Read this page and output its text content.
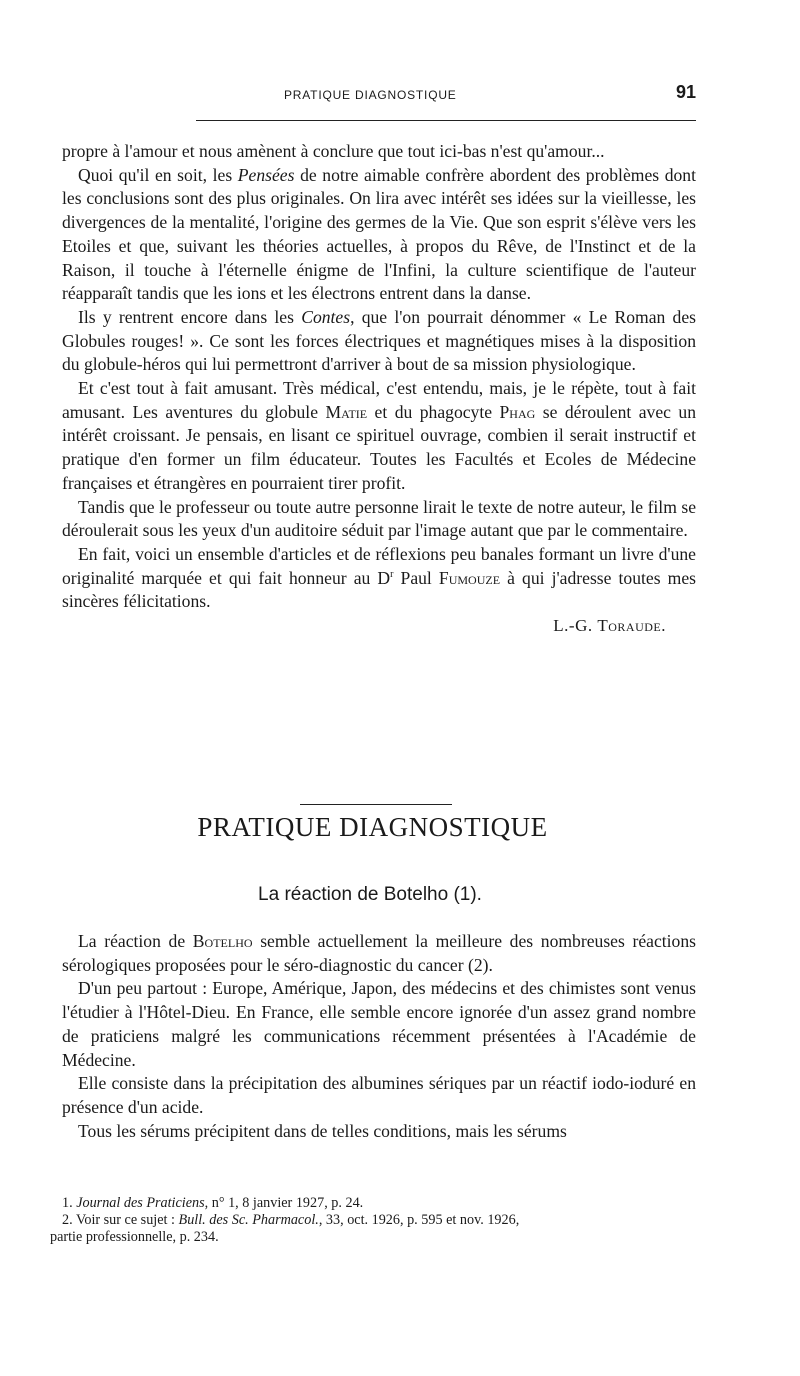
PRATIQUE DIAGNOSTIQUE	91

propre à l'amour et nous amènent à conclure que tout ici-bas n'est qu'amour...

Quoi qu'il en soit, les Pensées de notre aimable confrère abordent des problèmes dont les conclusions sont des plus originales. On lira avec intérêt ses idées sur la vieillesse, les divergences de la mentalité, l'origine des germes de la Vie. Que son esprit s'élève vers les Etoiles et que, suivant les théories actuelles, à propos du Rêve, de l'Instinct et de la Raison, il touche à l'éternelle énigme de l'Infini, la culture scientifique de l'auteur réapparaît tandis que les ions et les électrons entrent dans la danse.

Ils y rentrent encore dans les Contes, que l'on pourrait dénommer « Le Roman des Globules rouges! ». Ce sont les forces électriques et magnétiques mises à la disposition du globule-héros qui lui permettront d'arriver à bout de sa mission physiologique.

Et c'est tout à fait amusant. Très médical, c'est entendu, mais, je le répète, tout à fait amusant. Les aventures du globule Matie et du phagocyte Phag se déroulent avec un intérêt croissant. Je pensais, en lisant ce spirituel ouvrage, combien il serait instructif et pratique d'en former un film éducateur. Toutes les Facultés et Ecoles de Médecine françaises et étrangères en pourraient tirer profit.

Tandis que le professeur ou toute autre personne lirait le texte de notre auteur, le film se déroulerait sous les yeux d'un auditoire séduit par l'image autant que par le commentaire.

En fait, voici un ensemble d'articles et de réflexions peu banales formant un livre d'une originalité marquée et qui fait honneur au $D^r$ Paul Fumouze à qui j'adresse toutes mes sincères félicitations.

L.-G. Toraude.

PRATIQUE DIAGNOSTIQUE
La réaction de Botelho (1).

La réaction de Botelho semble actuellement la meilleure des nombreuses réactions sérologiques proposées pour le séro-diagnostic du cancer (2).

D'un peu partout : Europe, Amérique, Japon, des médecins et des chimistes sont venus l'étudier à l'Hôtel-Dieu. En France, elle semble encore ignorée d'un assez grand nombre de praticiens malgré les communications récemment présentées à l'Académie de Médecine.

Elle consiste dans la précipitation des albumines sériques par un réactif iodo-ioduré en présence d'un acide.

Tous les sérums précipitent dans de telles conditions, mais les sérums

1. Journal des Praticiens, n° 1, 8 janvier 1927, p. 24.

2. Voir sur ce sujet : Bull. des Sc. Pharmacol., 33, oct. 1926, p. 595 et nov. 1926,

partie professionnelle, p. 234.
